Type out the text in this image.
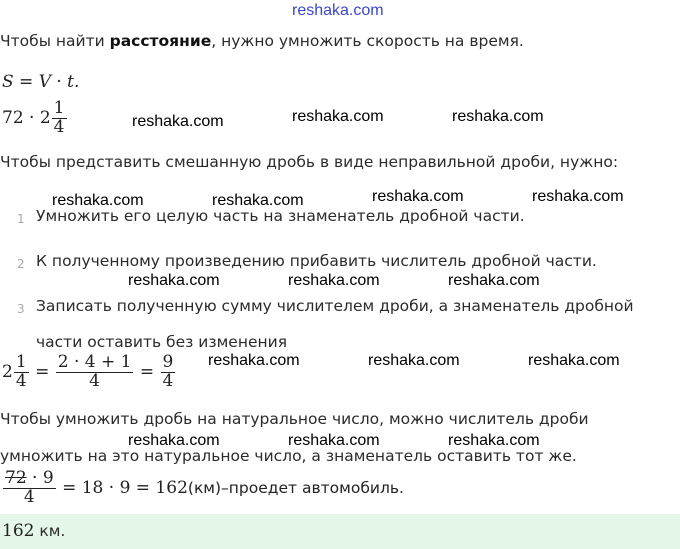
reshaka.com
Чтобы найти расстояние, нужно умножить скорость на время.
S = V · t.
$72 \cdot 2 \frac{1}{4}$	reshaka.com	reshaka.com	reshaka.com
Чтобы представить смешанную дробь в виде неправильной дроби, нужно:
reshaka.com	reshaka.com	reshaka.com	reshaka.com
1 Умножить его целую часть на знаменатель дробной части.
2 К полученному произведению прибавить числитель дробной части.
reshaka.com	reshaka.com	reshaka.com
3 Записать полученную сумму числителем дроби, а знаменатель дробной
части оставить без изменения
$2 \frac{1}{4} = \frac{2 \cdot 4 + 1}{4} = \frac{9}{4}$ reshaka.com	reshaka.com	reshaka.com
Чтобы умножить дробь на натуральное число, можно числитель дроби
reshaka.com	reshaka.com	reshaka.com
умножить на это натуральное число, а знаменатель оставить тот же.
$\frac{72 \cdot 9}{4} = 18 \cdot 9$ = 162(км)–проедет автомобиль.
162 км.
